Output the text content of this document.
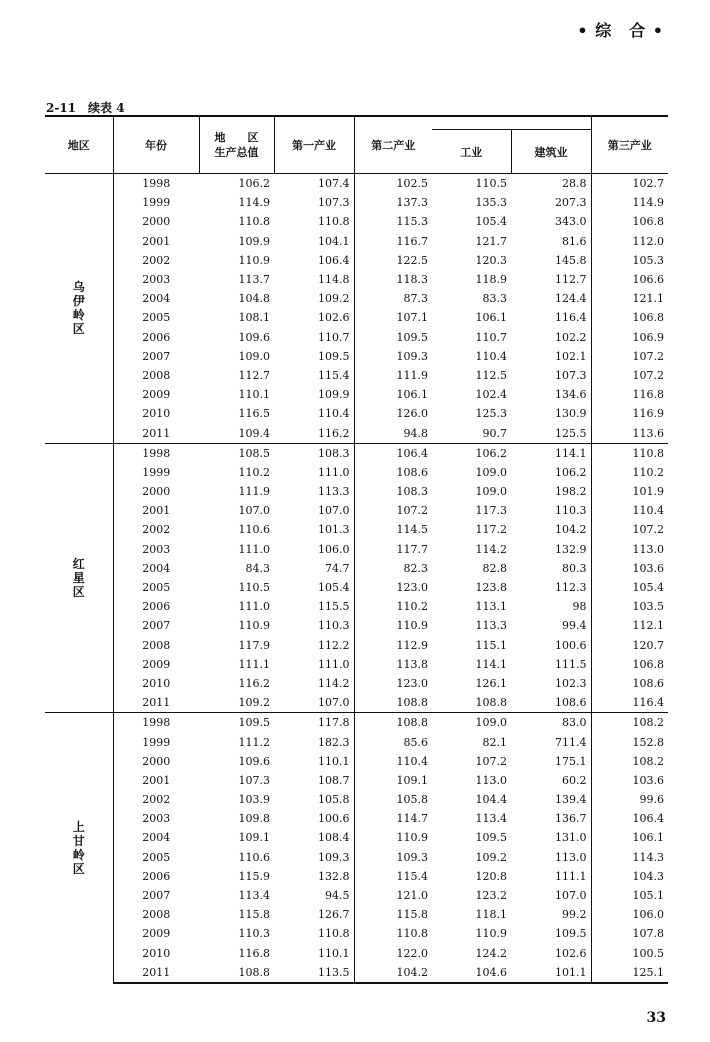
• 综　合 •
2-11 续表 4
地区	年份	地　　区
生产总值	第一产业	第二产业			第三产业
					工业	建筑业	
乌伊岭区	1998	106.2	107.4	102.5	110.5	28.8	102.7
	1999	114.9	107.3	137.3	135.3	207.3	114.9
	2000	110.8	110.8	115.3	105.4	343.0	106.8
	2001	109.9	104.1	116.7	121.7	81.6	112.0
	2002	110.9	106.4	122.5	120.3	145.8	105.3
	2003	113.7	114.8	118.3	118.9	112.7	106.6
	2004	104.8	109.2	87.3	83.3	124.4	121.1
	2005	108.1	102.6	107.1	106.1	116.4	106.8
	2006	109.6	110.7	109.5	110.7	102.2	106.9
	2007	109.0	109.5	109.3	110.4	102.1	107.2
	2008	112.7	115.4	111.9	112.5	107.3	107.2
	2009	110.1	109.9	106.1	102.4	134.6	116.8
	2010	116.5	110.4	126.0	125.3	130.9	116.9
	2011	109.4	116.2	94.8	90.7	125.5	113.6
红星区	1998	108.5	108.3	106.4	106.2	114.1	110.8
	1999	110.2	111.0	108.6	109.0	106.2	110.2
	2000	111.9	113.3	108.3	109.0	198.2	101.9
	2001	107.0	107.0	107.2	117.3	110.3	110.4
	2002	110.6	101.3	114.5	117.2	104.2	107.2
	2003	111.0	106.0	117.7	114.2	132.9	113.0
	2004	84.3	74.7	82.3	82.8	80.3	103.6
	2005	110.5	105.4	123.0	123.8	112.3	105.4
	2006	111.0	115.5	110.2	113.1	98	103.5
	2007	110.9	110.3	110.9	113.3	99.4	112.1
	2008	117.9	112.2	112.9	115.1	100.6	120.7
	2009	111.1	111.0	113.8	114.1	111.5	106.8
	2010	116.2	114.2	123.0	126.1	102.3	108.6
	2011	109.2	107.0	108.8	108.8	108.6	116.4
上甘岭区	1998	109.5	117.8	108.8	109.0	83.0	108.2
	1999	111.2	182.3	85.6	82.1	711.4	152.8
	2000	109.6	110.1	110.4	107.2	175.1	108.2
	2001	107.3	108.7	109.1	113.0	60.2	103.6
	2002	103.9	105.8	105.8	104.4	139.4	99.6
	2003	109.8	100.6	114.7	113.4	136.7	106.4
	2004	109.1	108.4	110.9	109.5	131.0	106.1
	2005	110.6	109.3	109.3	109.2	113.0	114.3
	2006	115.9	132.8	115.4	120.8	111.1	104.3
	2007	113.4	94.5	121.0	123.2	107.0	105.1
	2008	115.8	126.7	115.8	118.1	99.2	106.0
	2009	110.3	110.8	110.8	110.9	109.5	107.8
	2010	116.8	110.1	122.0	124.2	102.6	100.5
	2011	108.8	113.5	104.2	104.6	101.1	125.1
33
